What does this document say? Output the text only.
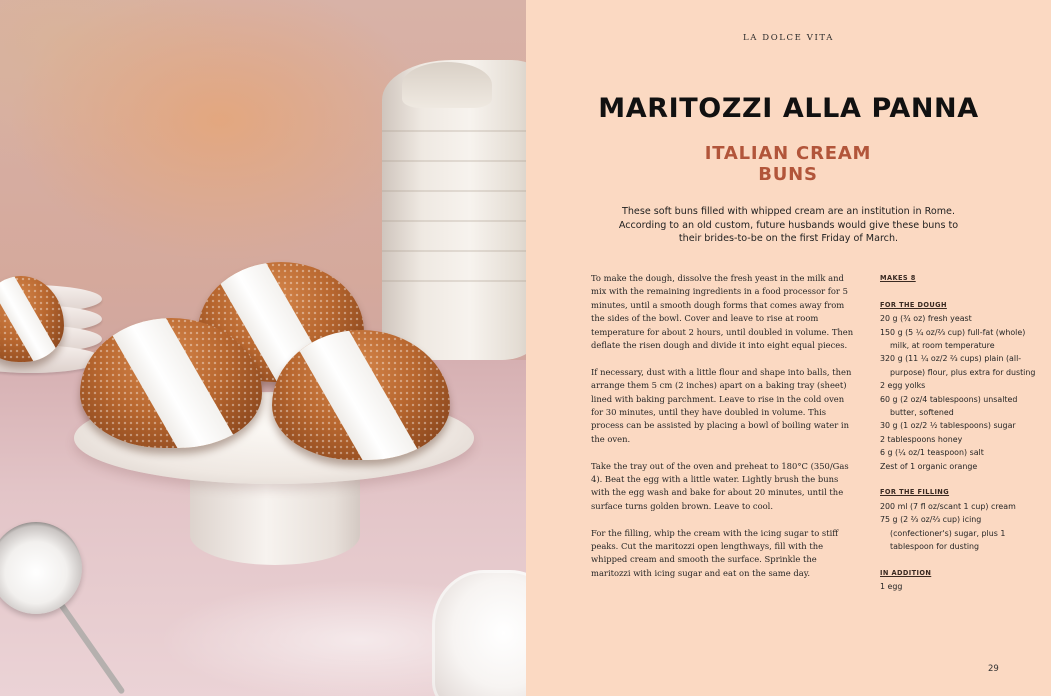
LA DOLCE VITA
MARITOZZI ALLA PANNA
ITALIAN CREAM BUNS

These soft buns filled with whipped cream are an institution in Rome. According to an old custom, future husbands would give these buns to their brides-to-be on the first Friday of March.

To make the dough, dissolve the fresh yeast in the milk and mix with the remaining ingredients in a food processor for 5 minutes, until a smooth dough forms that comes away from the sides of the bowl. Cover and leave to rise at room temperature for about 2 hours, until doubled in volume. Then deflate the risen dough and divide it into eight equal pieces.

If necessary, dust with a little flour and shape into balls, then arrange them 5 cm (2 inches) apart on a baking tray (sheet) lined with baking parchment. Leave to rise in the cold oven for 30 minutes, until they have doubled in volume. This process can be assisted by placing a bowl of boiling water in the oven.

Take the tray out of the oven and preheat to 180°C (350/Gas 4). Beat the egg with a little water. Lightly brush the buns with the egg wash and bake for about 20 minutes, until the surface turns golden brown. Leave to cool.

For the filling, whip the cream with the icing sugar to stiff peaks. Cut the maritozzi open lengthways, fill with the whipped cream and smooth the surface. Sprinkle the maritozzi with icing sugar and eat on the same day.

MAKES 8
FOR THE DOUGH
20 g (¾ oz) fresh yeast
150 g (5 ¼ oz/⅔ cup) full-fat (whole) milk, at room temperature
320 g (11 ¼ oz/2 ⅔ cups) plain (all-purpose) flour, plus extra for dusting
2 egg yolks
60 g (2 oz/4 tablespoons) unsalted butter, softened
30 g (1 oz/2 ½ tablespoons) sugar
2 tablespoons honey
6 g (¼ oz/1 teaspoon) salt
Zest of 1 organic orange
FOR THE FILLING
200 ml (7 fl oz/scant 1 cup) cream
75 g (2 ⅔ oz/⅔ cup) icing (confectioner's) sugar, plus 1 tablespoon for dusting
IN ADDITION
1 egg
29
